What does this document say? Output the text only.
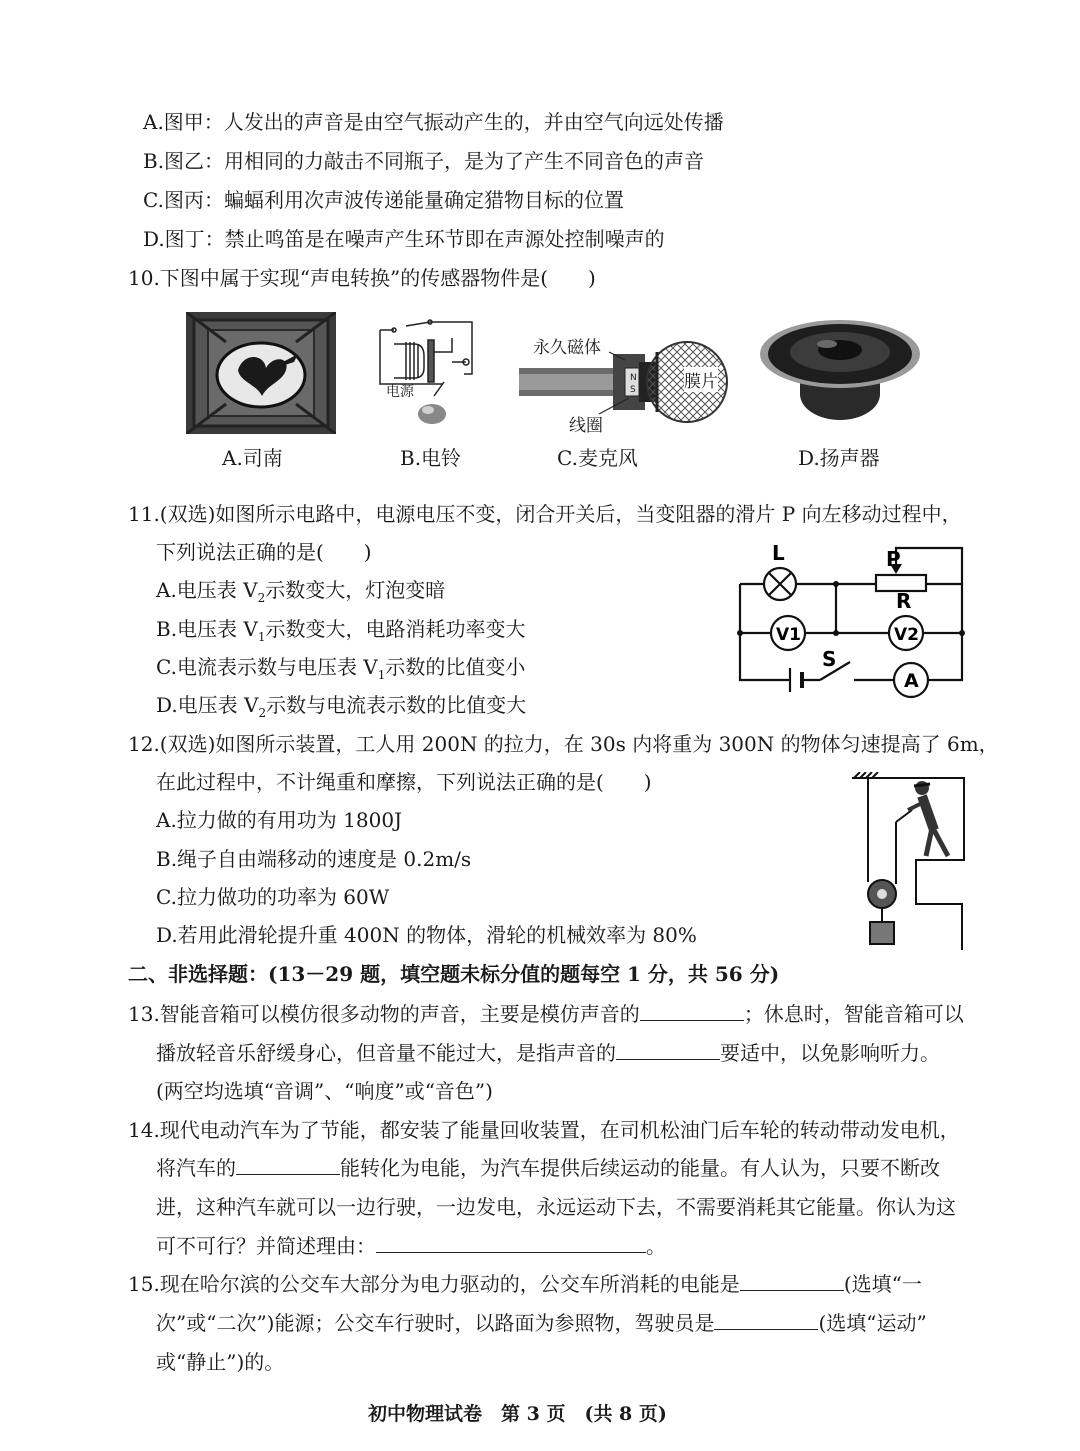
A.图甲：人发出的声音是由空气振动产生的，并由空气向远处传播
B.图乙：用相同的力敲击不同瓶子，是为了产生不同音色的声音
C.图丙：蝙蝠利用次声波传递能量确定猎物目标的位置
D.图丁：禁止鸣笛是在噪声产生环节即在声源处控制噪声的
10.下图中属于实现“声电转换”的传感器物件是(　　)
A.司南
电源
B.电铃
N
S
永久磁体
膜片
线圈
C.麦克风	D.扬声器
11.(双选)如图所示电路中，电源电压不变，闭合开关后，当变阻器的滑片 P 向左移动过程中，
下列说法正确的是(　　)
A.电压表 $V_2$示数变大，灯泡变暗
B.电压表 $V_1$示数变大，电路消耗功率变大
C.电流表示数与电压表 $V_1$示数的比值变小
D.电压表 $V_2$示数与电流表示数的比值变大
L	P
R
V1	V2
S
A
12.(双选)如图所示装置，工人用 200N 的拉力，在 30s 内将重为 300N 的物体匀速提高了 6m，
在此过程中，不计绳重和摩擦，下列说法正确的是(　　)
A.拉力做的有用功为 1800J
B.绳子自由端移动的速度是 0.2m/s
C.拉力做功的功率为 60W
D.若用此滑轮提升重 400N 的物体，滑轮的机械效率为 80%
二、非选择题：(13－29 题，填空题未标分值的题每空 1 分，共 56 分)
13.智能音箱可以模仿很多动物的声音，主要是模仿声音的	；休息时，智能音箱可以
播放轻音乐舒缓身心，但音量不能过大，是指声音的	要适中，以免影响听力。
(两空均选填“音调”、“响度”或“音色”)
14.现代电动汽车为了节能，都安装了能量回收装置，在司机松油门后车轮的转动带动发电机，
将汽车的	能转化为电能，为汽车提供后续运动的能量。有人认为，只要不断改
进，这种汽车就可以一边行驶，一边发电，永远运动下去，不需要消耗其它能量。你认为这
可不可行？并简述理由：	。
15.现在哈尔滨的公交车大部分为电力驱动的，公交车所消耗的电能是	(选填“一
次”或“二次”)能源；公交车行驶时，以路面为参照物，驾驶员是	(选填“运动”
或“静止”)的。
初中物理试卷　第 3 页　(共 8 页)
